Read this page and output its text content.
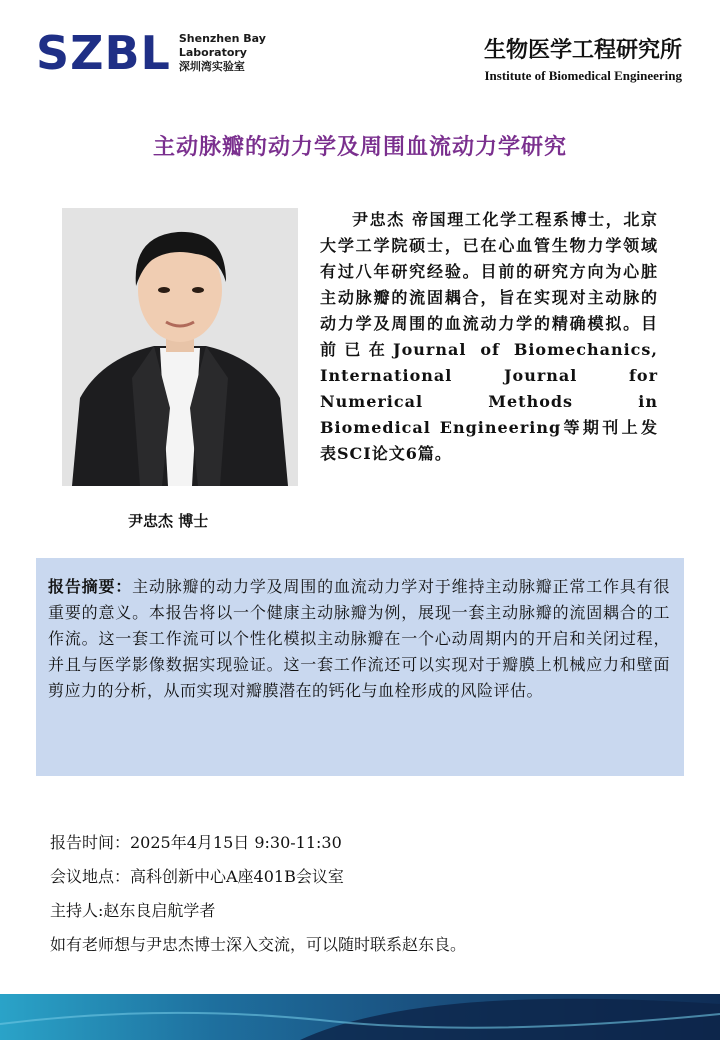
SZBL Shenzhen Bay
Laboratory
深圳湾实验室
生物医学工程研究所
Institute of Biomedical Engineering
主动脉瓣的动力学及周围血流动力学研究
尹忠杰 博士
尹忠杰 帝国理工化学工程系博士，北京大学工学院硕士，已在心血管生物力学领域有过八年研究经验。目前的研究方向为心脏主动脉瓣的流固耦合，旨在实现对主动脉的动力学及周围的血流动力学的精确模拟。目前已在Journal of Biomechanics, International Journal for Numerical Methods in Biomedical Engineering等期刊上发表SCI论文6篇。
报告摘要：主动脉瓣的动力学及周围的血流动力学对于维持主动脉瓣正常工作具有很重要的意义。本报告将以一个健康主动脉瓣为例，展现一套主动脉瓣的流固耦合的工作流。这一套工作流可以个性化模拟主动脉瓣在一个心动周期内的开启和关闭过程，并且与医学影像数据实现验证。这一套工作流还可以实现对于瓣膜上机械应力和壁面剪应力的分析，从而实现对瓣膜潜在的钙化与血栓形成的风险评估。
报告时间：2025年4月15日 9:30-11:30
会议地点：高科创新中心A座401B会议室
主持人:赵东良启航学者
如有老师想与尹忠杰博士深入交流，可以随时联系赵东良。
